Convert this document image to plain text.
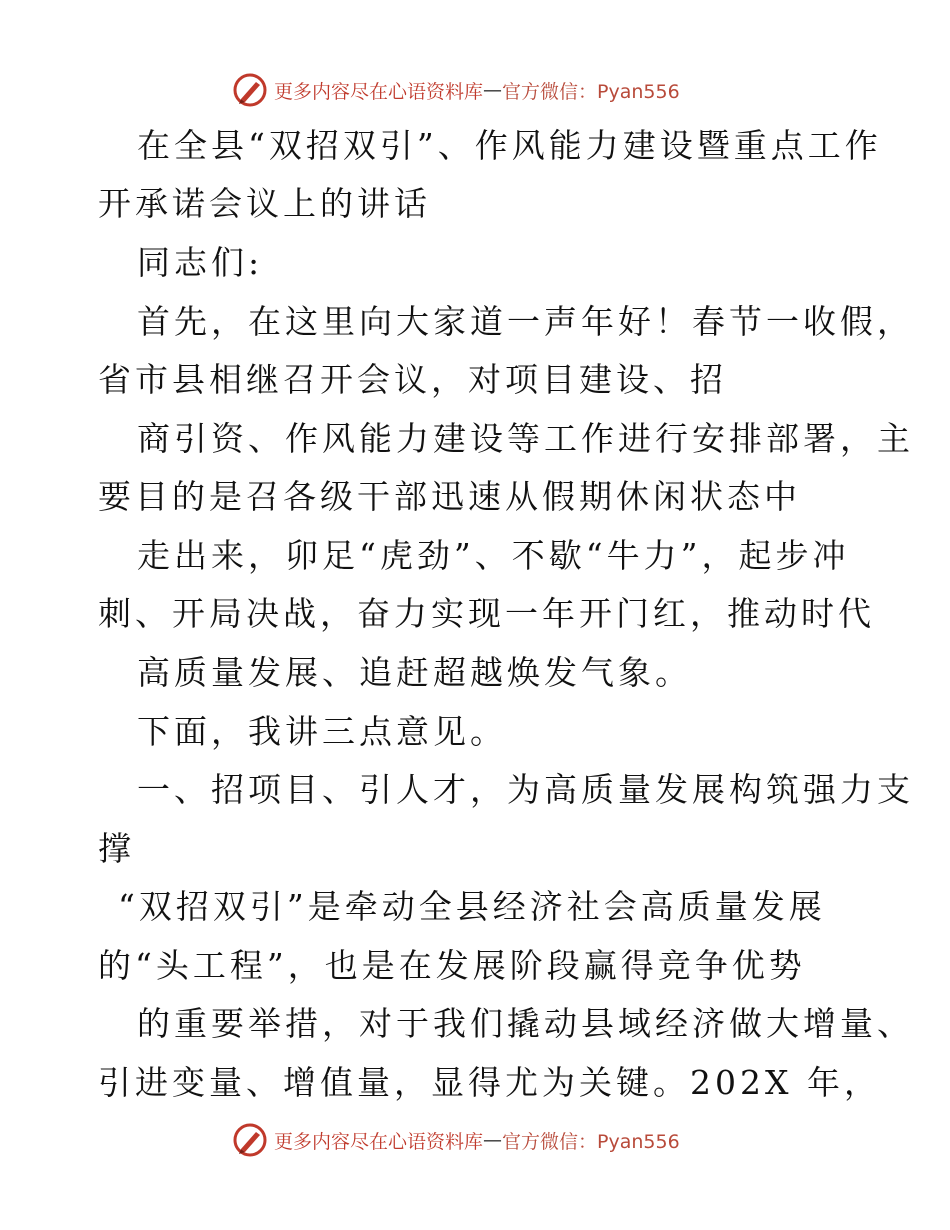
更多内容尽在心语资料库 — 官方微信：Pyan556
在全县“双招双引”、作风能力建设暨重点工作
开承诺会议上的讲话
同志们:
首先，在这里向大家道一声年好！春节一收假，
省市县相继召开会议，对项目建设、招
商引资、作风能力建设等工作进行安排部署，主
要目的是召各级干部迅速从假期休闲状态中
走出来，卯足“虎劲”、不歇“牛力”，起步冲
刺、开局决战，奋力实现一年开门红，推动时代
高质量发展、追赶超越焕发气象。
下面，我讲三点意见。
一、招项目、引人才，为高质量发展构筑强力支
撑
“双招双引”是牵动全县经济社会高质量发展
的“头工程”，也是在发展阶段赢得竞争优势
的重要举措，对于我们撬动县域经济做大增量、
引进变量、增值量，显得尤为关键。202X 年，
更多内容尽在心语资料库 — 官方微信：Pyan556
